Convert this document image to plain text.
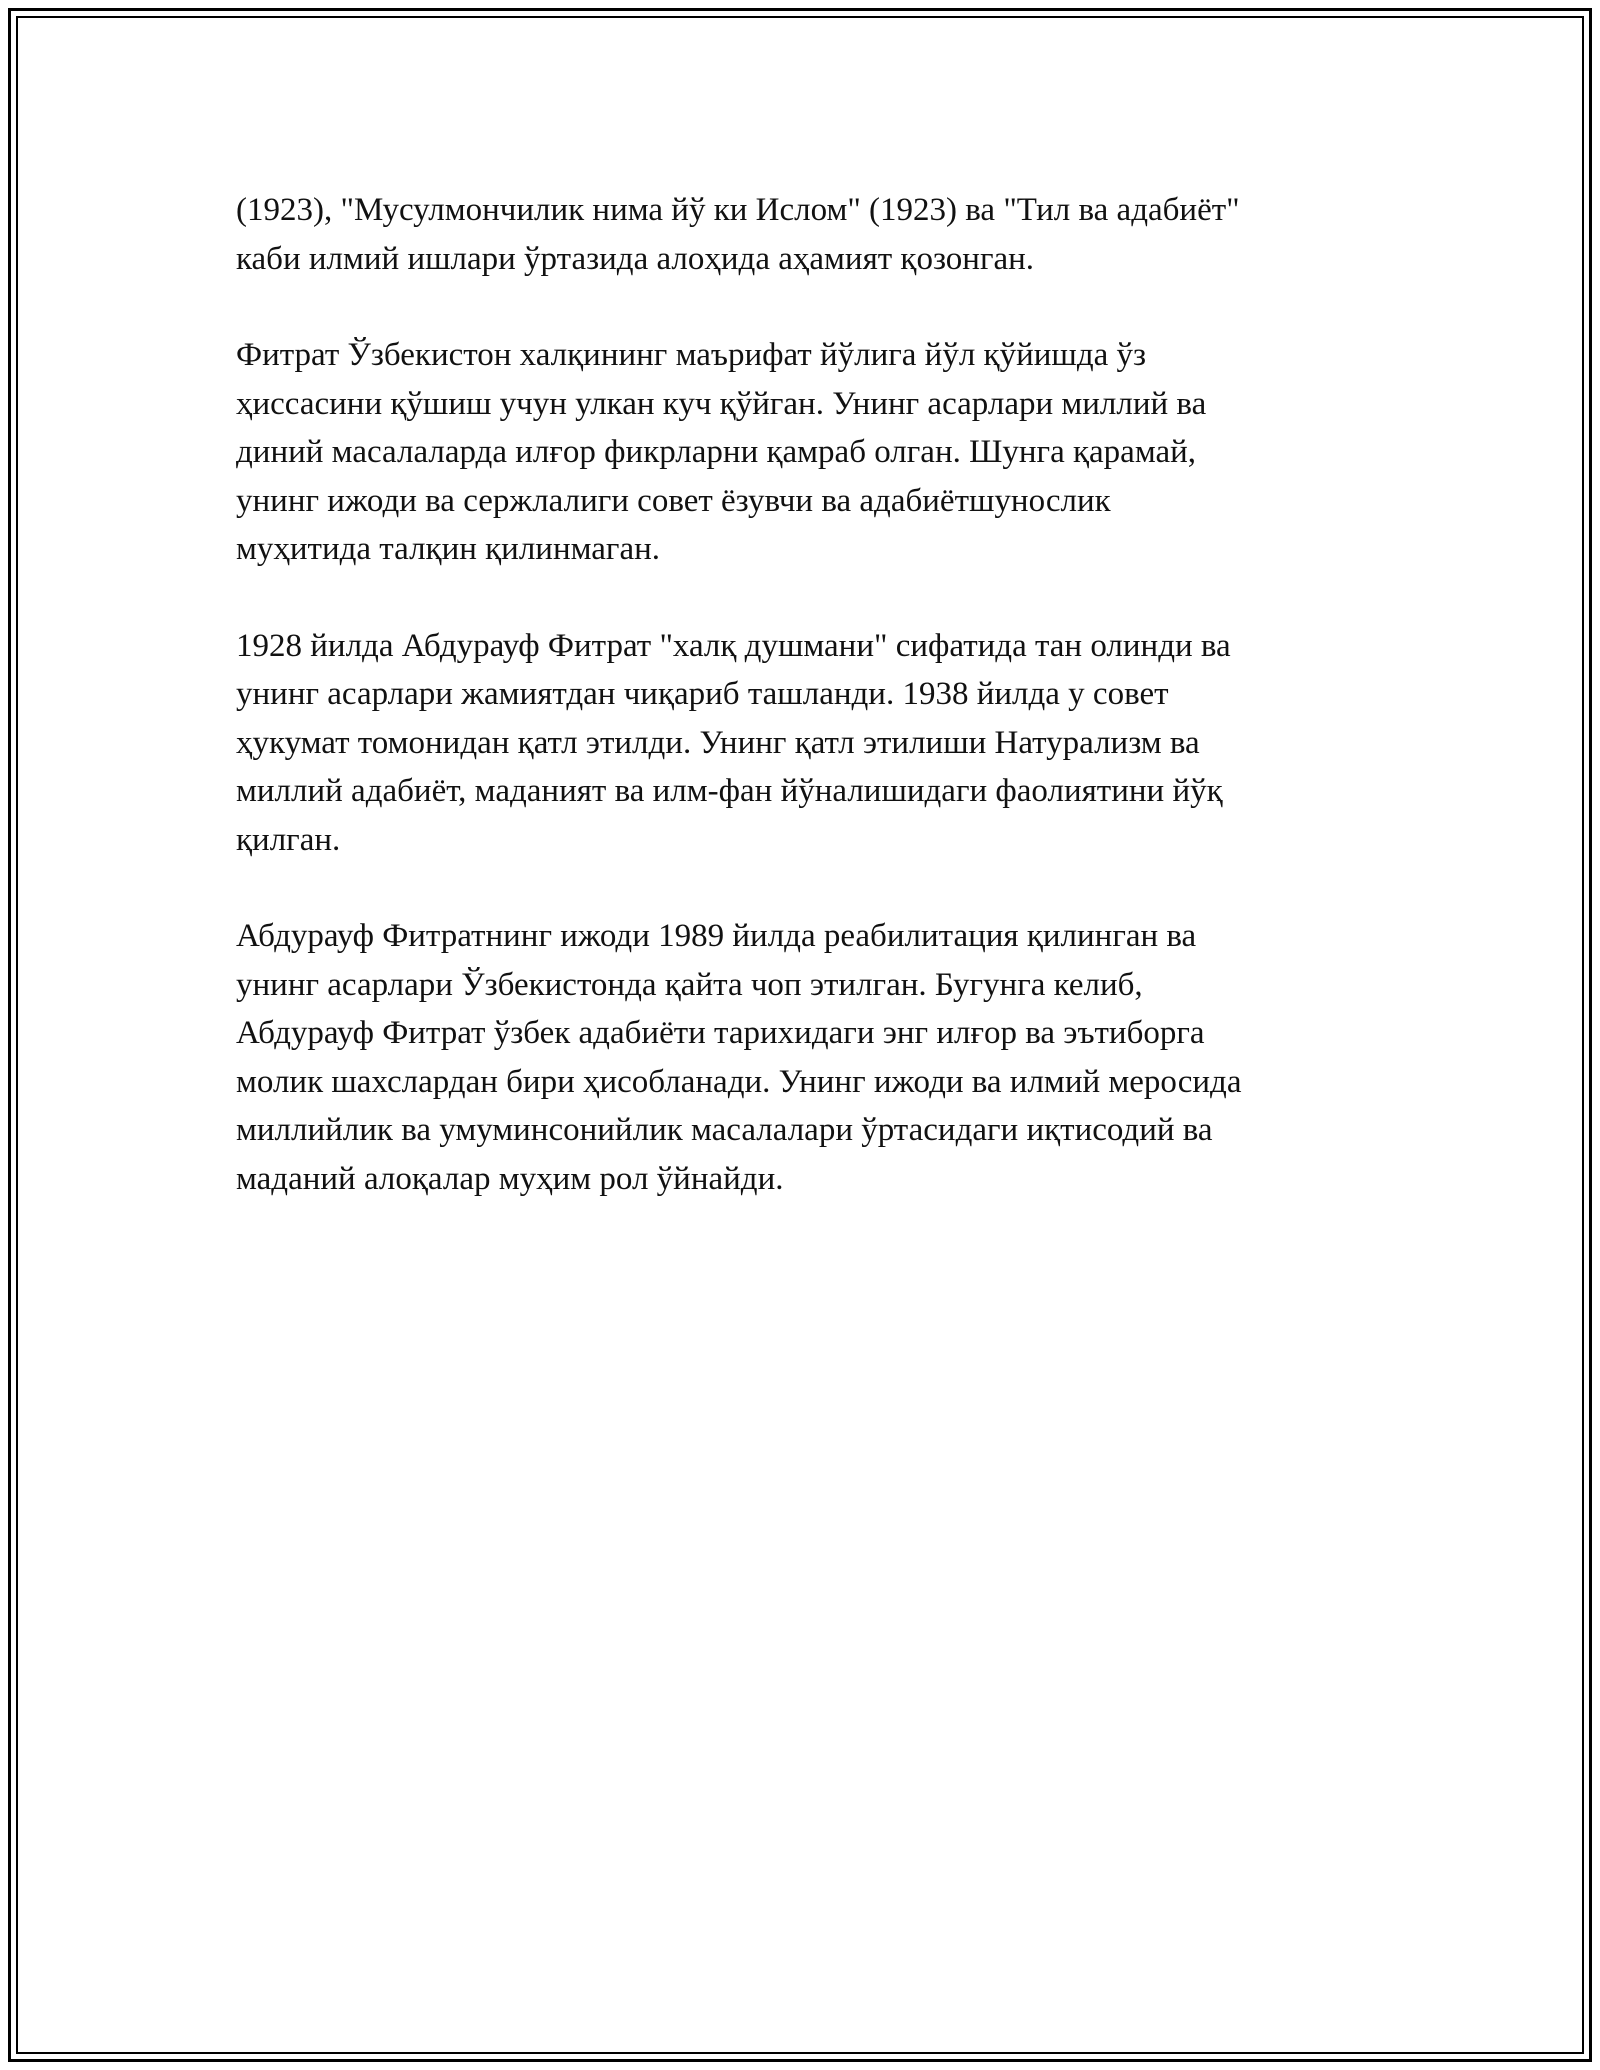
(1923), "Мусулмончилик нима йў ки Ислом" (1923) ва "Тил ва адабиёт"
каби илмий ишлари ўртазида алоҳида аҳамият қозонган.

Фитрат Ўзбекистон халқининг маърифат йўлига йўл қўйишда ўз
ҳиссасини қўшиш учун улкан куч қўйган. Унинг асарлари миллий ва
диний масалаларда илғор фикрларни қамраб олган. Шунга қарамай,
унинг ижоди ва сержлалиги совет ёзувчи ва адабиётшунослик
муҳитида талқин қилинмаган.

1928 йилда Абдурауф Фитрат "халқ душмани" сифатида тан олинди ва
унинг асарлари жамиятдан чиқариб ташланди. 1938 йилда у совет
ҳукумат томонидан қатл этилди. Унинг қатл этилиши Натурализм ва
миллий адабиёт, маданият ва илм-фан йўналишидаги фаолиятини йўқ
қилган.

Абдурауф Фитратнинг ижоди 1989 йилда реабилитация қилинган ва
унинг асарлари Ўзбекистонда қайта чоп этилган. Бугунга келиб,
Абдурауф Фитрат ўзбек адабиёти тарихидаги энг илғор ва эътиборга
молик шахслардан бири ҳисобланади. Унинг ижоди ва илмий меросида
миллийлик ва умуминсонийлик масалалари ўртасидаги иқтисодий ва
маданий алоқалар муҳим рол ўйнайди.
